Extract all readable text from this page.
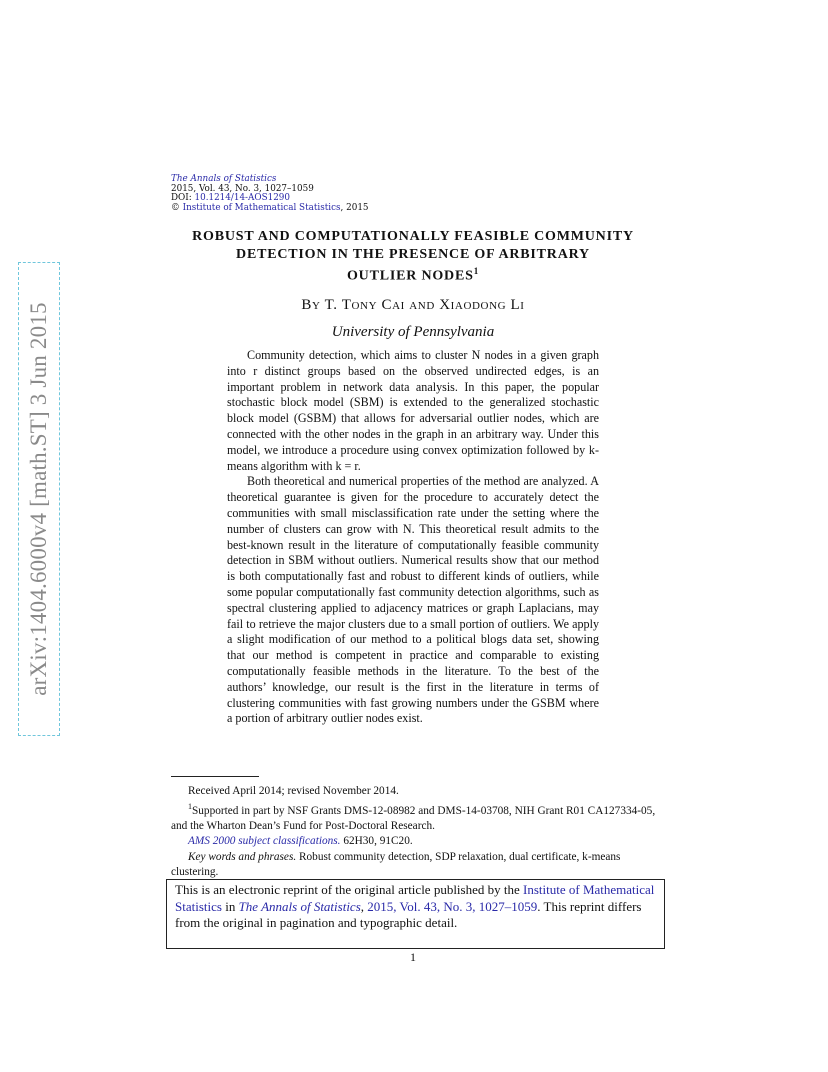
arXiv:1404.6000v4 [math.ST] 3 Jun 2015
The Annals of Statistics
2015, Vol. 43, No. 3, 1027–1059
DOI: 10.1214/14-AOS1290
© Institute of Mathematical Statistics, 2015
ROBUST AND COMPUTATIONALLY FEASIBLE COMMUNITY
DETECTION IN THE PRESENCE OF ARBITRARY
OUTLIER NODES$^1$
By T. Tony Cai and Xiaodong Li
University of Pennsylvania

Community detection, which aims to cluster N nodes in a given graph into r distinct groups based on the observed undirected edges, is an important problem in network data analysis. In this paper, the popular stochastic block model (SBM) is extended to the generalized stochastic block model (GSBM) that allows for adversarial outlier nodes, which are connected with the other nodes in the graph in an arbitrary way. Under this model, we introduce a procedure using convex optimization followed by k-means algorithm with k = r.

Both theoretical and numerical properties of the method are analyzed. A theoretical guarantee is given for the procedure to accurately detect the communities with small misclassification rate under the setting where the number of clusters can grow with N. This theoretical result admits to the best-known result in the literature of computationally feasible community detection in SBM without outliers. Numerical results show that our method is both computationally fast and robust to different kinds of outliers, while some popular computationally fast community detection algorithms, such as spectral clustering applied to adjacency matrices or graph Laplacians, may fail to retrieve the major clusters due to a small portion of outliers. We apply a slight modification of our method to a political blogs data set, showing that our method is competent in practice and comparable to existing computationally feasible methods in the literature. To the best of the authors’ knowledge, our result is the first in the literature in terms of clustering communities with fast growing numbers under the GSBM where a portion of arbitrary outlier nodes exist.

Received April 2014; revised November 2014.

$^1$Supported in part by NSF Grants DMS-12-08982 and DMS-14-03708, NIH Grant R01 CA127334-05, and the Wharton Dean’s Fund for Post-Doctoral Research.

AMS 2000 subject classifications. 62H30, 91C20.

Key words and phrases. Robust community detection, SDP relaxation, dual certificate, k-means clustering.

This is an electronic reprint of the original article published by the Institute of Mathematical Statistics in The Annals of Statistics, 2015, Vol. 43, No. 3, 1027–1059. This reprint differs from the original in pagination and typographic detail.
1
